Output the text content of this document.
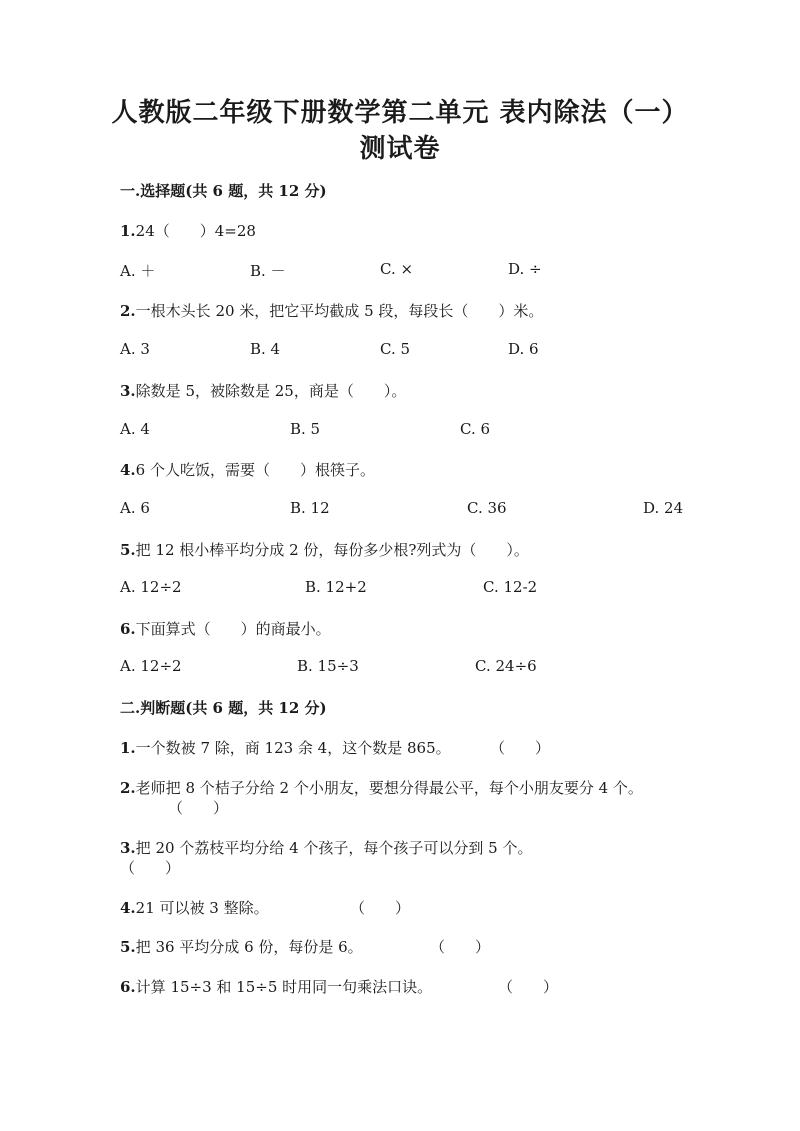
人教版二年级下册数学第二单元 表内除法（一）
测试卷
一.选择题(共 6 题，共 12 分)
1.24（　　）4=28
A. ＋	B. －	C. ×	D. ÷
2.一根木头长 20 米，把它平均截成 5 段，每段长（　　）米。
A. 3	B. 4	C. 5	D. 6
3.除数是 5，被除数是 25，商是（　　）。
A. 4	B. 5	C. 6
4.6 个人吃饭，需要（　　）根筷子。
A. 6	B. 12	C. 36	D. 24
5.把 12 根小棒平均分成 2 份，每份多少根?列式为（　　）。
A. 12÷2	B. 12+2	C. 12-2
6.下面算式（　　）的商最小。
A. 12÷2	B. 15÷3	C. 24÷6
二.判断题(共 6 题，共 12 分)
1.一个数被 7 除，商 123 余 4，这个数是 865。	（　　）
2.老师把 8 个桔子分给 2 个小朋友，要想分得最公平，每个小朋友要分 4 个。
（　　）
3.把 20 个荔枝平均分给 4 个孩子，每个孩子可以分到 5 个。
（　　）
4.21 可以被 3 整除。	（　　）
5.把 36 平均分成 6 份，每份是 6。	（　　）
6.计算 15÷3 和 15÷5 时用同一句乘法口诀。	（　　）
